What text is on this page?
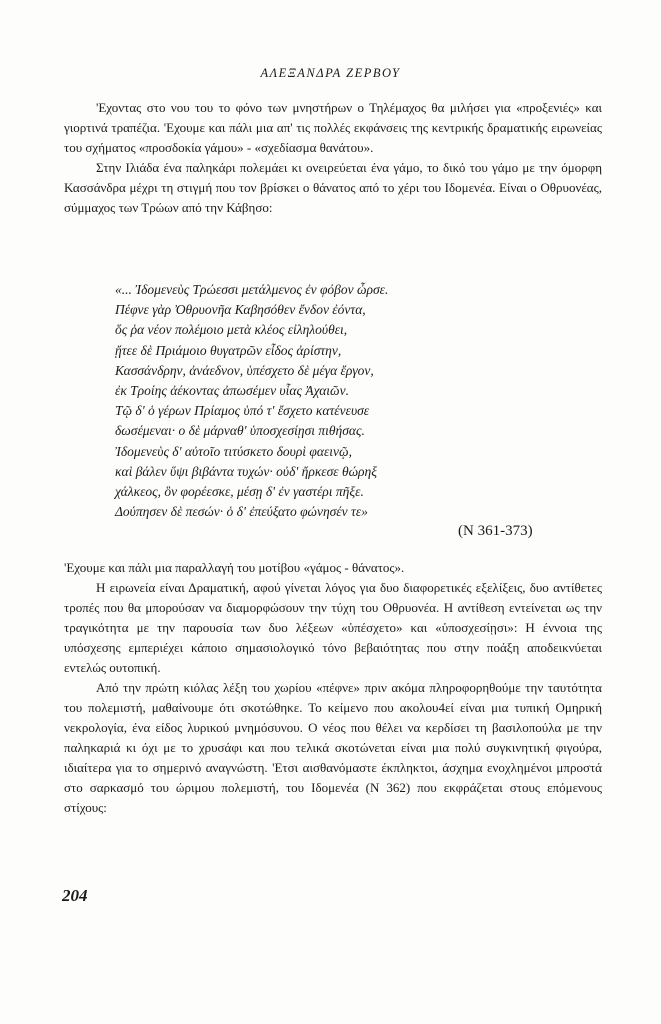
ΑΛΕΞΑΝΔΡΑ ΖΕΡΒΟΥ

'Εχοντας στο νου του το φόνο των μνηστήρων ο Τηλέμαχος θα μιλήσει για «προξενιές» και γιορτινά τραπέζια. 'Εχουμε και πάλι μια απ' τις πολλές εκφάνσεις της κεντρικής δραματικής ειρωνείας του σχήματος «προσδοκία γάμου» - «σχεδίασμα θανάτου».

Στην Ιλιάδα ένα παληκάρι πολεμάει κι ονειρεύεται ένα γάμο, το δικό του γάμο με την όμορφη Κασσάνδρα μέχρι τη στιγμή που τον βρίσκει ο θάνατος από το χέρι του Ιδομενέα. Είναι ο Οθρυονέας, σύμμαχος των Τρώων από την Κάβησο:

«... Ἰδομενεὺς Τρώεσσι μετάλμενος ἐν φόβον ὦρσε.
Πέφνε γὰρ Ὀθρυονῆα Καβησόθεν ἔνδον ἐόντα,
ὅς ῥα νέον πολέμοιο μετὰ κλέος εἰληλούθει,
ᾔτεε δὲ Πριάμοιο θυγατρῶν εἶδος ἀρίστην,
Κασσάνδρην, ἀνάεδνον, ὑπέσχετο δὲ μέγα ἔργον,
ἐκ Τροίης ἀέκοντας ἀπωσέμεν υἷας Ἀχαιῶν.
Τῷ δ' ὁ γέρων Πρίαμος ὑπό τ' ἔσχετο κατένευσε
δωσέμεναι· ο δὲ μάρναθ' ὑποσχεσίῃσι πιθήσας.
Ἰδομενεὺς δ' αὐτοῖο τιτύσκετο δουρὶ φαεινῷ,
καὶ βάλεν ὕψι βιβάντα τυχών· οὐδ' ἤρκεσε θώρηξ
χάλκεος, ὃν φορέεσκε, μέσῃ δ' ἐν γαστέρι πῆξε.
Δούπησεν δὲ πεσών· ὁ δ' ἐπεύξατο φώνησέν τε»
(Ν 361-373)

'Εχουμε και πάλι μια παραλλαγή του μοτίβου «γάμος - θάνατος».

Η ειρωνεία είναι Δραματική, αφού γίνεται λόγος για δυο διαφορετικές εξελίξεις, δυο αντίθετες τροπές που θα μπορούσαν να διαμορφώσουν την τύχη του Οθρυονέα. Η αντίθεση εντείνεται ως την τραγικότητα με την παρουσία των δυο λέξεων «ὑπέσχετο» και «ὑποσχεσίῃσι»: Η έννοια της υπόσχεσης εμπεριέχει κάποιο σημασιολογικό τόνο βεβαιότητας που στην ποάξη αποδεικνύεται εντελώς ουτοπική.

Από την πρώτη κιόλας λέξη του χωρίου «πέφνε» πριν ακόμα πληροφορηθούμε την ταυτότητα του πολεμιστή, μαθαίνουμε ότι σκοτώθηκε. Το κείμενο που ακολου4εί είναι μια τυπική Ομηρική νεκρολογία, ένα είδος λυρικού μνημόσυνου. Ο νέος που θέλει να κερδίσει τη βασιλοπούλα με την παληκαριά κι όχι με το χρυσάφι και που τελικά σκοτώνεται είναι μια πολύ συγκινητική φιγούρα, ιδιαίτερα για το σημερινό αναγνώστη. 'Ετσι αισθανόμαστε έκπληκτοι, άσχημα ενοχλημένοι μπροστά στο σαρκασμό του ώριμου πολεμιστή, του Ιδομενέα (Ν 362) που εκφράζεται στους επόμενους στίχους:

204
